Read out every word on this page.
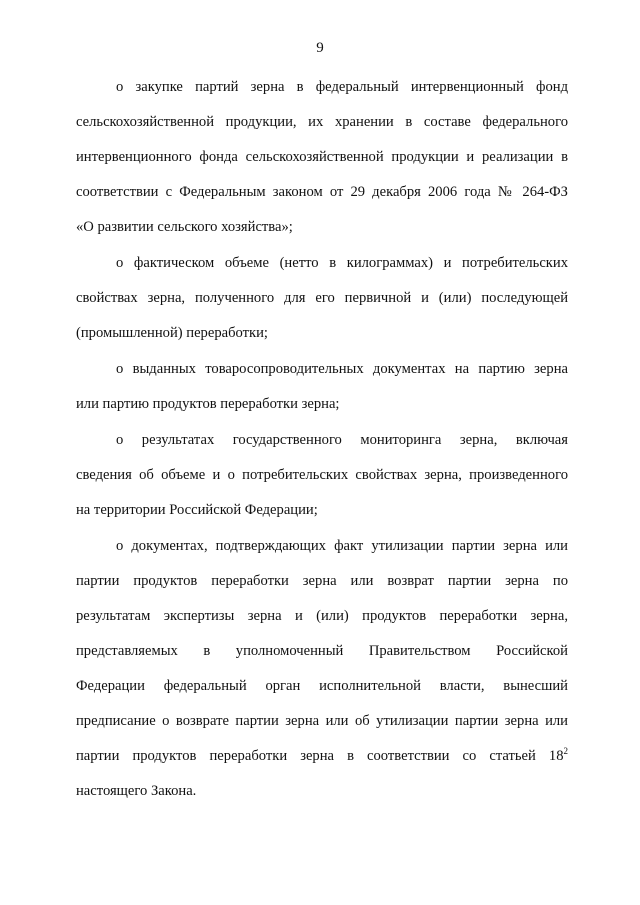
9
о закупке партий зерна в федеральный интервенционный фонд
сельскохозяйственной продукции, их хранении в составе федерального
интервенционного фонда сельскохозяйственной продукции и реализации в
соответствии с Федеральным законом от 29 декабря 2006 года № 264-ФЗ
«О развитии сельского хозяйства»;
о фактическом объеме (нетто в килограммах) и потребительских
свойствах зерна, полученного для его первичной и (или) последующей
(промышленной) переработки;
о выданных товаросопроводительных документах на партию зерна
или партию продуктов переработки зерна;
о результатах государственного мониторинга зерна, включая
сведения об объеме и о потребительских свойствах зерна, произведенного
на территории Российской Федерации;
о документах, подтверждающих факт утилизации партии зерна или
партии продуктов переработки зерна или возврат партии зерна по
результатам экспертизы зерна и (или) продуктов переработки зерна,
представляемых в уполномоченный Правительством Российской
Федерации федеральный орган исполнительной власти, вынесший
предписание о возврате партии зерна или об утилизации партии зерна или
партии продуктов переработки зерна в соответствии со статьей $18^2$
настоящего Закона.
